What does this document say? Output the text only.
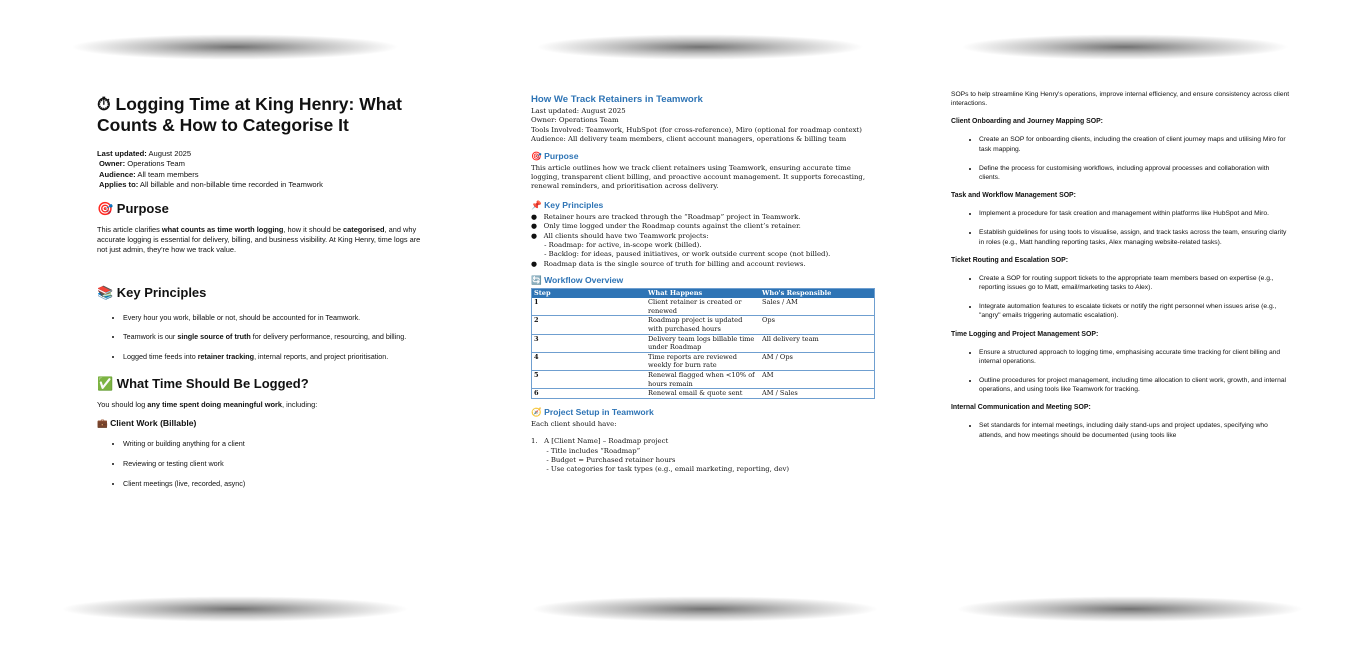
⏱ Logging Time at King Henry: What Counts & How to Categorise It
Last updated: August 2025
Owner: Operations Team
Audience: All team members
Applies to: All billable and non-billable time recorded in Teamwork
🎯 Purpose

This article clarifies what counts as time worth logging, how it should be categorised, and why accurate logging is essential for delivery, billing, and business visibility. At King Henry, time logs are not just admin, they're how we track value.

📚 Key Principles
• Every hour you work, billable or not, should be accounted for in Teamwork.
• Teamwork is our single source of truth for delivery performance, resourcing, and billing.
• Logged time feeds into retainer tracking, internal reports, and project prioritisation.
✅ What Time Should Be Logged?

You should log any time spent doing meaningful work, including:

💼 Client Work (Billable)
• Writing or building anything for a client
• Reviewing or testing client work
• Client meetings (live, recorded, async)
How We Track Retainers in Teamwork
Last updated: August 2025
Owner: Operations Team
Tools Involved: Teamwork, HubSpot (for cross-reference), Miro (optional for roadmap context)
Audience: All delivery team members, client account managers, operations & billing team
🎯 Purpose

This article outlines how we track client retainers using Teamwork, ensuring accurate time logging, transparent client billing, and proactive account management. It supports forecasting, renewal reminders, and prioritisation across delivery.

📌 Key Principles
●   Retainer hours are tracked through the “Roadmap” project in Teamwork.
●   Only time logged under the Roadmap counts against the client’s retainer.
●   All clients should have two Teamwork projects:
- Roadmap: for active, in-scope work (billed).
- Backlog: for ideas, paused initiatives, or work outside current scope (not billed).
●   Roadmap data is the single source of truth for billing and account reviews.
🔄 Workflow Overview
Step	What Happens	Who's Responsible
1	Client retainer is created or renewed	Sales / AM
2	Roadmap project is updated with purchased hours	Ops
3	Delivery team logs billable time under Roadmap	All delivery team
4	Time reports are reviewed weekly for burn rate	AM / Ops
5	Renewal flagged when <10% of hours remain	AM
6	Renewal email & quote sent	AM / Sales
🧭 Project Setup in Teamwork

Each client should have:

1.   A [Client Name] – Roadmap project
- Title includes “Roadmap”
- Budget = Purchased retainer hours
- Use categories for task types (e.g., email marketing, reporting, dev)

SOPs to help streamline King Henry's operations, improve internal efficiency, and ensure consistency across client interactions.

Client Onboarding and Journey Mapping SOP:
• Create an SOP for onboarding clients, including the creation of client journey maps and utilising Miro for task mapping.
• Define the process for customising workflows, including approval processes and collaboration with clients.
Task and Workflow Management SOP:
• Implement a procedure for task creation and management within platforms like HubSpot and Miro.
• Establish guidelines for using tools to visualise, assign, and track tasks across the team, ensuring clarity in roles (e.g., Matt handling reporting tasks, Alex managing website-related tasks).
Ticket Routing and Escalation SOP:
• Create a SOP for routing support tickets to the appropriate team members based on expertise (e.g., reporting issues go to Matt, email/marketing tasks to Alex).
• Integrate automation features to escalate tickets or notify the right personnel when issues arise (e.g., "angry" emails triggering automatic escalation).
Time Logging and Project Management SOP:
• Ensure a structured approach to logging time, emphasising accurate time tracking for client billing and internal operations.
• Outline procedures for project management, including time allocation to client work, growth, and internal operations, and using tools like Teamwork for tracking.
Internal Communication and Meeting SOP:
• Set standards for internal meetings, including daily stand-ups and project updates, specifying who attends, and how meetings should be documented (using tools like
